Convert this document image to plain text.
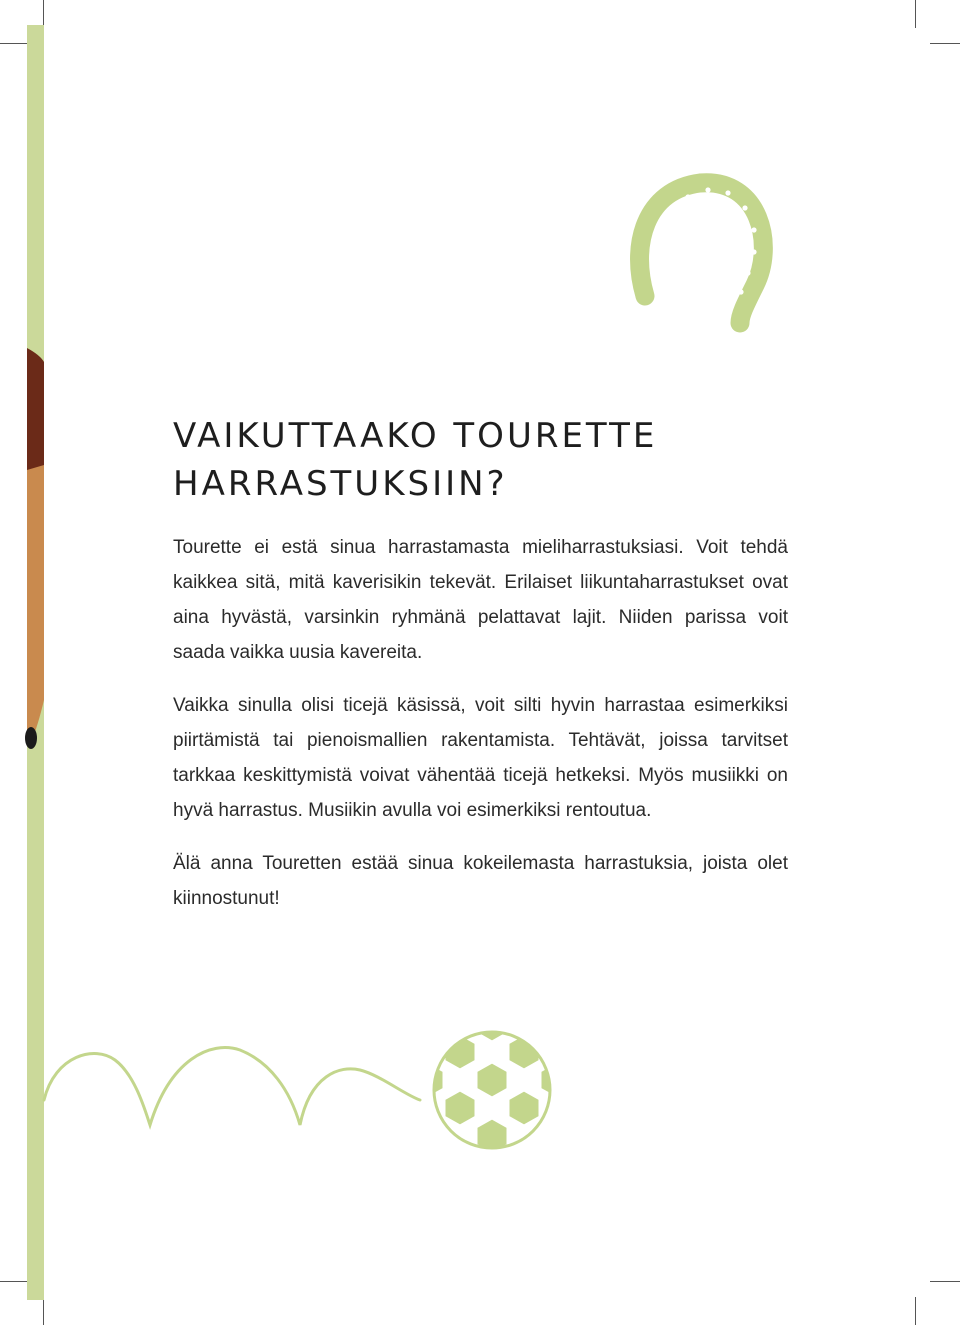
VAIKUTTAAKO TOURETTE
HARRASTUKSIIN?

Tourette ei estä sinua harrastamasta mieliharrastuksiasi. Voit tehdä kaikkea sitä, mitä kaverisikin tekevät. Erilaiset liikuntaharrastukset ovat aina hyvästä, varsinkin ryhmänä pelattavat lajit. Niiden parissa voit saada vaikka uusia kavereita.

Vaikka sinulla olisi ticejä käsissä, voit silti hyvin harrastaa esimerkiksi piirtämistä tai pienoismallien rakentamista. Tehtävät, joissa tarvitset tarkkaa keskittymistä voivat vähentää ticejä hetkeksi. Myös musiikki on hyvä harrastus. Musiikin avulla voi esimerkiksi rentoutua.

Älä anna Touretten estää sinua kokeilemasta harrastuksia, joista olet kiinnostunut!
